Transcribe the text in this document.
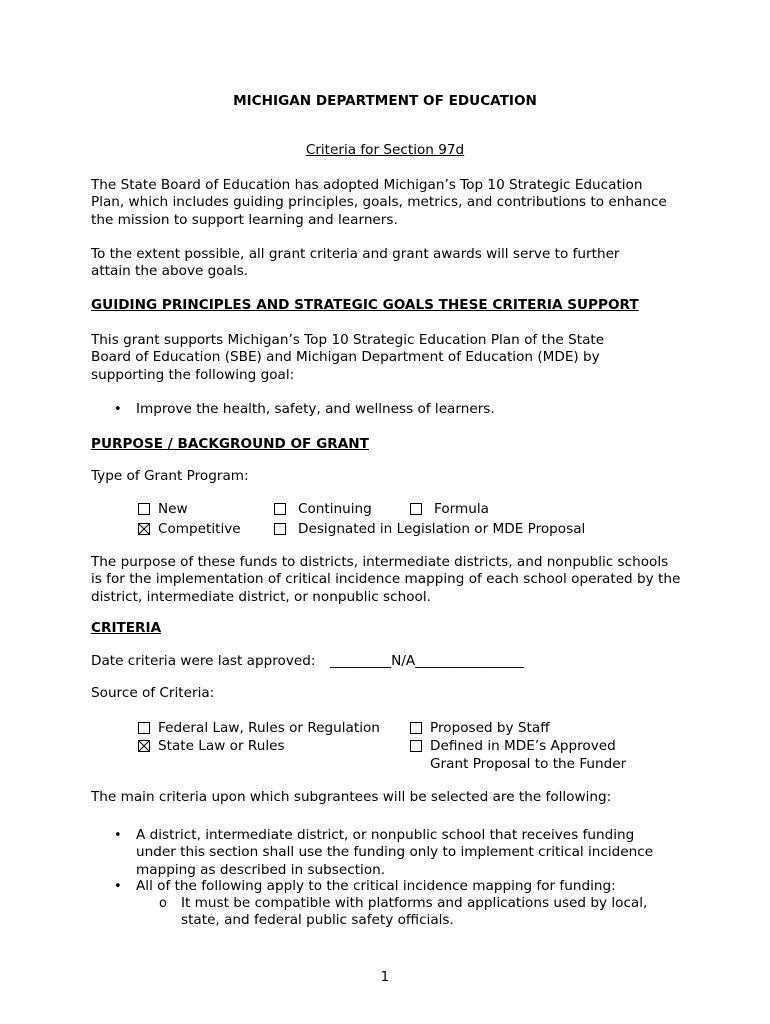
MICHIGAN DEPARTMENT OF EDUCATION
Criteria for Section 97d
The State Board of Education has adopted Michigan’s Top 10 Strategic Education
Plan, which includes guiding principles, goals, metrics, and contributions to enhance
the mission to support learning and learners.
To the extent possible, all grant criteria and grant awards will serve to further
attain the above goals.
GUIDING PRINCIPLES AND STRATEGIC GOALS THESE CRITERIA SUPPORT
This grant supports Michigan’s Top 10 Strategic Education Plan of the State
Board of Education (SBE) and Michigan Department of Education (MDE) by
supporting the following goal:
• Improve the health, safety, and wellness of learners.
PURPOSE / BACKGROUND OF GRANT
Type of Grant Program:
New	Continuing	Formula
Competitive	Designated in Legislation or MDE Proposal
The purpose of these funds to districts, intermediate districts, and nonpublic schools
is for the implementation of critical incidence mapping of each school operated by the
district, intermediate district, or nonpublic school.
CRITERIA
Date criteria were last approved: _________N/A________________
Source of Criteria:
Federal Law, Rules or Regulation	Proposed by Staff
State Law or Rules	Defined in MDE’s Approved
Grant Proposal to the Funder
The main criteria upon which subgrantees will be selected are the following:
• A district, intermediate district, or nonpublic school that receives funding
under this section shall use the funding only to implement critical incidence
mapping as described in subsection.
• All of the following apply to the critical incidence mapping for funding:
o It must be compatible with platforms and applications used by local,
state, and federal public safety officials.
1
